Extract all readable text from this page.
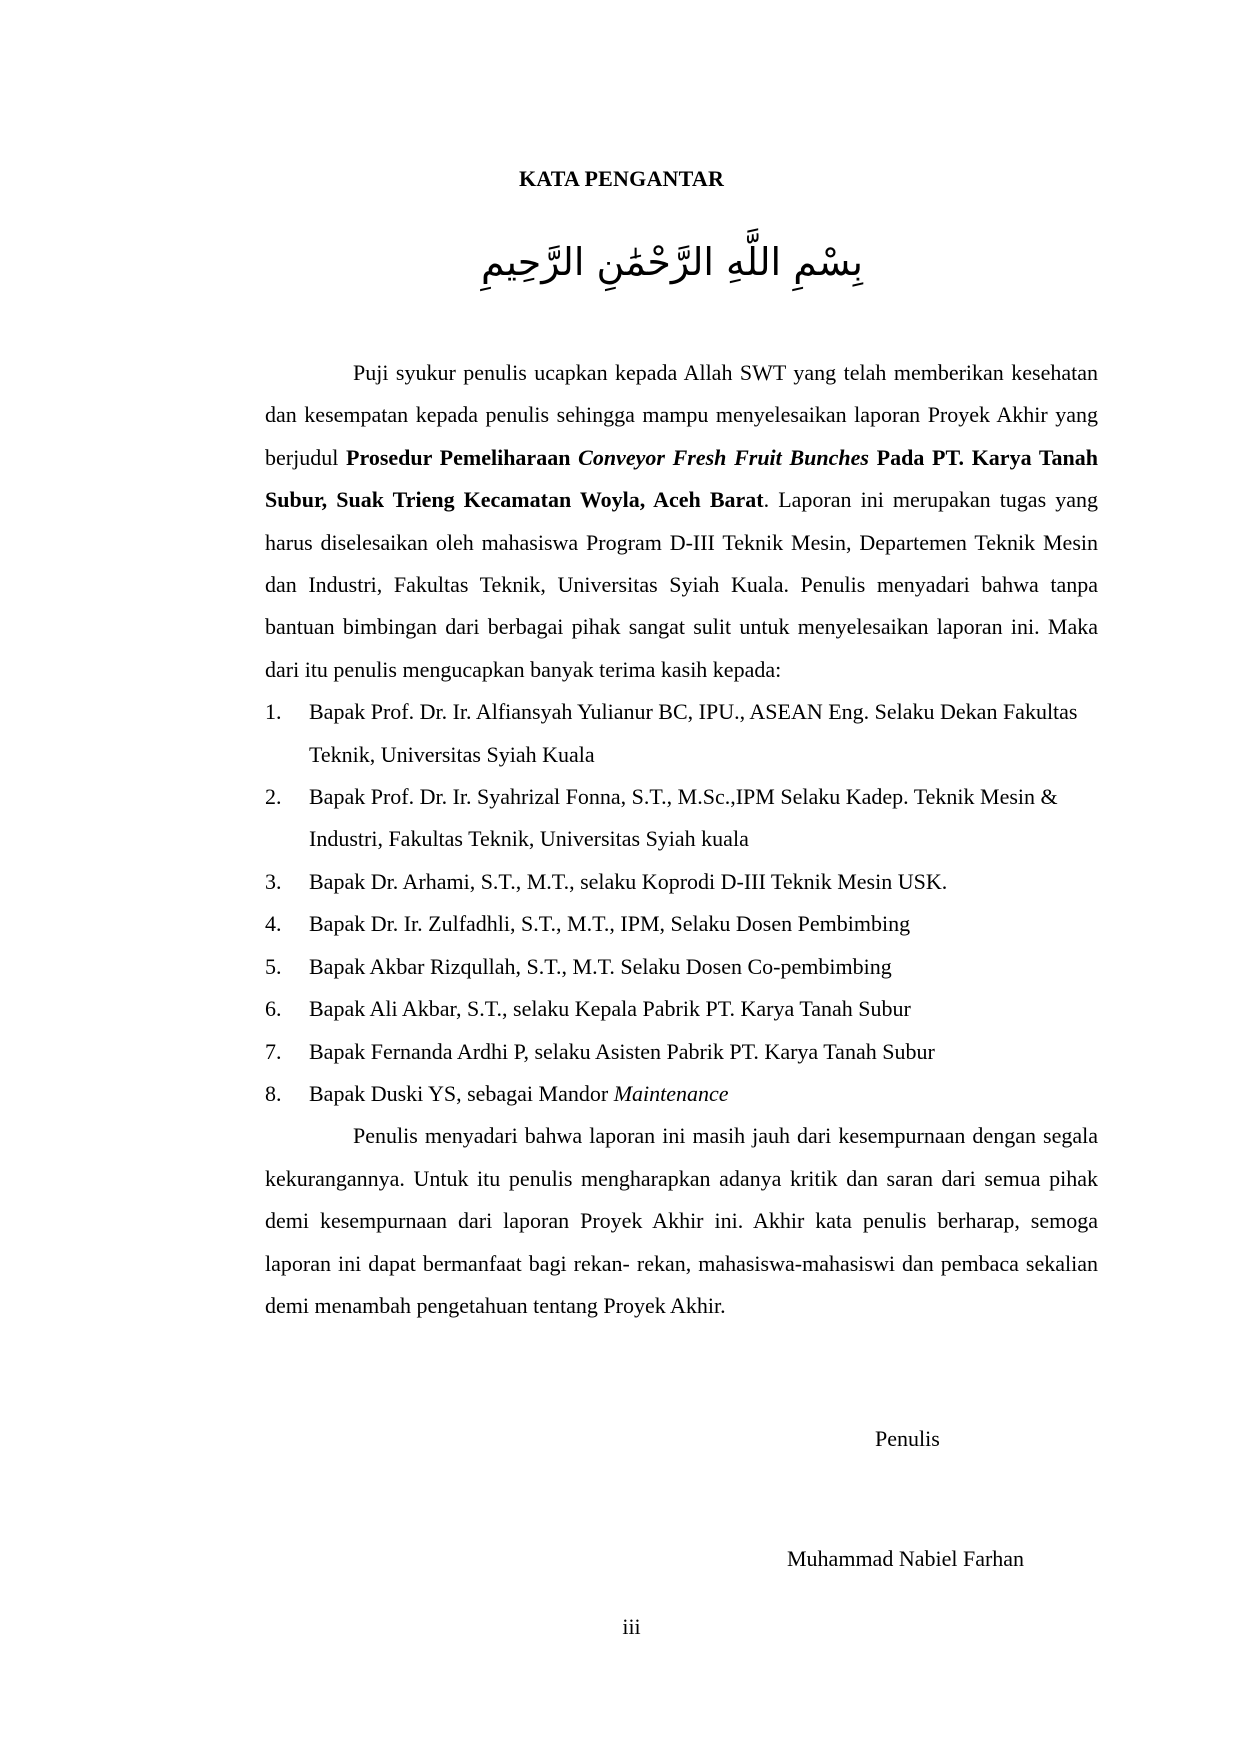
KATA PENGANTAR
بِسْمِ اللَّهِ الرَّحْمَٰنِ الرَّحِيمِ

Puji syukur penulis ucapkan kepada Allah SWT yang telah memberikan kesehatan dan kesempatan kepada penulis sehingga mampu menyelesaikan laporan Proyek Akhir yang berjudul Prosedur Pemeliharaan Conveyor Fresh Fruit Bunches Pada PT. Karya Tanah Subur, Suak Trieng Kecamatan Woyla, Aceh Barat. Laporan ini merupakan tugas yang harus diselesaikan oleh mahasiswa Program D-III Teknik Mesin, Departemen Teknik Mesin dan Industri, Fakultas Teknik, Universitas Syiah Kuala. Penulis menyadari bahwa tanpa bantuan bimbingan dari berbagai pihak sangat sulit untuk menyelesaikan laporan ini. Maka dari itu penulis mengucapkan banyak terima kasih kepada:

1. Bapak Prof. Dr. Ir. Alfiansyah Yulianur BC, IPU., ASEAN Eng. Selaku Dekan Fakultas Teknik, Universitas Syiah Kuala
2. Bapak Prof. Dr. Ir. Syahrizal Fonna, S.T., M.Sc.,IPM Selaku Kadep. Teknik Mesin & Industri, Fakultas Teknik, Universitas Syiah kuala
3. Bapak Dr. Arhami, S.T., M.T., selaku Koprodi D-III Teknik Mesin USK.
4. Bapak Dr. Ir. Zulfadhli, S.T., M.T., IPM, Selaku Dosen Pembimbing
5. Bapak Akbar Rizqullah, S.T., M.T. Selaku Dosen Co-pembimbing
6. Bapak Ali Akbar, S.T., selaku Kepala Pabrik PT. Karya Tanah Subur
7. Bapak Fernanda Ardhi P, selaku Asisten Pabrik PT. Karya Tanah Subur
8. Bapak Duski YS, sebagai Mandor Maintenance

Penulis menyadari bahwa laporan ini masih jauh dari kesempurnaan dengan segala kekurangannya. Untuk itu penulis mengharapkan adanya kritik dan saran dari semua pihak demi kesempurnaan dari laporan Proyek Akhir ini. Akhir kata penulis berharap, semoga laporan ini dapat bermanfaat bagi rekan- rekan, mahasiswa-mahasiswi dan pembaca sekalian demi menambah pengetahuan tentang Proyek Akhir.

Penulis
Muhammad Nabiel Farhan
iii
